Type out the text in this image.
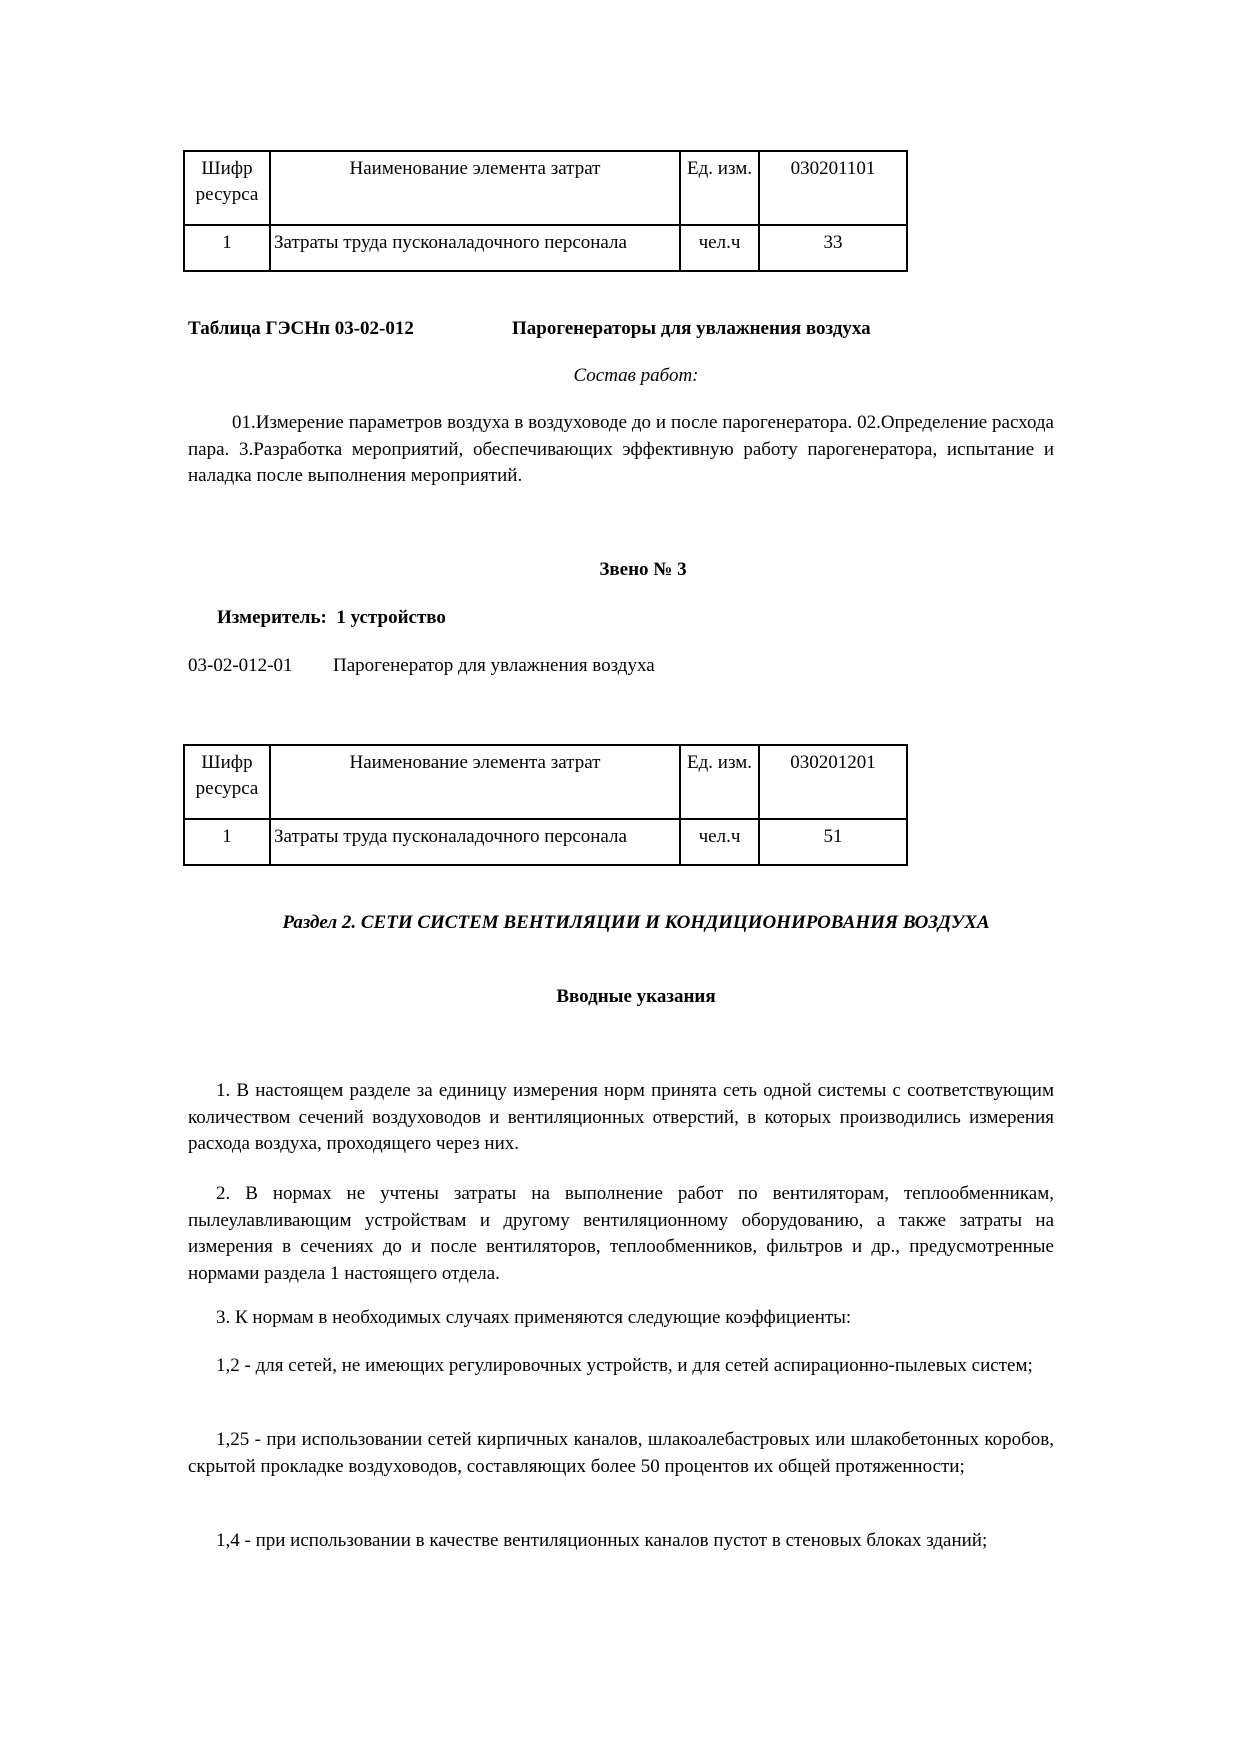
Шифр ресурса	Наименование элемента затрат	Ед. изм.	030201101
1	Затраты труда пусконаладочного персонала	чел.ч	33
Таблица ГЭСНп 03-02-012	Парогенераторы для увлажнения воздуха
Состав работ:
01.Измерение параметров воздуха в воздуховоде до и после парогенератора. 02.Определение расхода пара. 3.Разработка мероприятий, обеспечивающих эффективную работу парогенератора, испытание и наладка после выполнения мероприятий.
Звено № 3
Измеритель:  1 устройство
03-02-012-01 Парогенератор для увлажнения воздуха
Шифр ресурса	Наименование элемента затрат	Ед. изм.	030201201
1	Затраты труда пусконаладочного персонала	чел.ч	51
Раздел 2. СЕТИ СИСТЕМ ВЕНТИЛЯЦИИ И КОНДИЦИОНИРОВАНИЯ ВОЗДУХА
Вводные указания
1. В настоящем разделе за единицу измерения норм принята сеть одной системы с соответствующим количеством сечений воздуховодов и вентиляционных отверстий, в которых производились измерения расхода воздуха, проходящего через них.
2. В нормах не учтены затраты на выполнение работ по вентиляторам, теплообменникам, пылеулавливающим устройствам и другому вентиляционному оборудованию, а также затраты на измерения в сечениях до и после вентиляторов, теплообменников, фильтров и др., предусмотренные нормами раздела 1 настоящего отдела.
3. К нормам в необходимых случаях применяются следующие коэффициенты:
1,2 - для сетей, не имеющих регулировочных устройств, и для сетей аспирационно-пылевых систем;
1,25 - при использовании сетей кирпичных каналов, шлакоалебастровых или шлакобетонных коробов, скрытой прокладке воздуховодов, составляющих более 50 процентов их общей протяженности;
1,4 - при использовании в качестве вентиляционных каналов пустот в стеновых блоках зданий;
